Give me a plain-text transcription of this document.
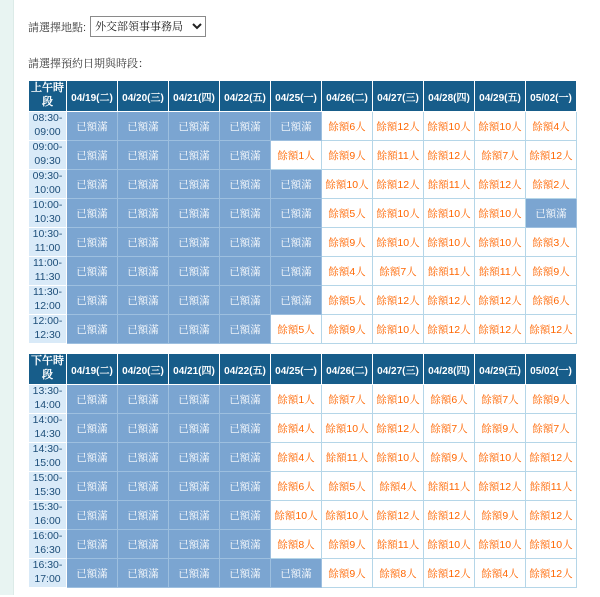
請選擇地點:
外交部領事事務局
請選擇預約日期與時段：
上午時段	04/19(二)	04/20(三)	04/21(四)	04/22(五)	04/25(一)	04/26(二)	04/27(三)	04/28(四)	04/29(五)	05/02(一)
08:30-
09:00	已額滿	已額滿	已額滿	已額滿	已額滿	餘額6人	餘額12人	餘額10人	餘額10人	餘額4人
09:00-
09:30	已額滿	已額滿	已額滿	已額滿	餘額1人	餘額9人	餘額11人	餘額12人	餘額7人	餘額12人
09:30-
10:00	已額滿	已額滿	已額滿	已額滿	已額滿	餘額10人	餘額12人	餘額11人	餘額12人	餘額2人
10:00-
10:30	已額滿	已額滿	已額滿	已額滿	已額滿	餘額5人	餘額10人	餘額10人	餘額10人	已額滿
10:30-
11:00	已額滿	已額滿	已額滿	已額滿	已額滿	餘額9人	餘額10人	餘額10人	餘額10人	餘額3人
11:00-
11:30	已額滿	已額滿	已額滿	已額滿	已額滿	餘額4人	餘額7人	餘額11人	餘額11人	餘額9人
11:30-
12:00	已額滿	已額滿	已額滿	已額滿	已額滿	餘額5人	餘額12人	餘額12人	餘額12人	餘額6人
12:00-
12:30	已額滿	已額滿	已額滿	已額滿	餘額5人	餘額9人	餘額10人	餘額12人	餘額12人	餘額12人
下午時段	04/19(二)	04/20(三)	04/21(四)	04/22(五)	04/25(一)	04/26(二)	04/27(三)	04/28(四)	04/29(五)	05/02(一)
13:30-
14:00	已額滿	已額滿	已額滿	已額滿	餘額1人	餘額7人	餘額10人	餘額6人	餘額7人	餘額9人
14:00-
14:30	已額滿	已額滿	已額滿	已額滿	餘額4人	餘額10人	餘額12人	餘額7人	餘額9人	餘額7人
14:30-
15:00	已額滿	已額滿	已額滿	已額滿	餘額4人	餘額11人	餘額10人	餘額9人	餘額10人	餘額12人
15:00-
15:30	已額滿	已額滿	已額滿	已額滿	餘額6人	餘額5人	餘額4人	餘額11人	餘額12人	餘額11人
15:30-
16:00	已額滿	已額滿	已額滿	已額滿	餘額10人	餘額10人	餘額12人	餘額12人	餘額9人	餘額12人
16:00-
16:30	已額滿	已額滿	已額滿	已額滿	餘額8人	餘額9人	餘額11人	餘額10人	餘額10人	餘額10人
16:30-
17:00	已額滿	已額滿	已額滿	已額滿	已額滿	餘額9人	餘額8人	餘額12人	餘額4人	餘額12人
